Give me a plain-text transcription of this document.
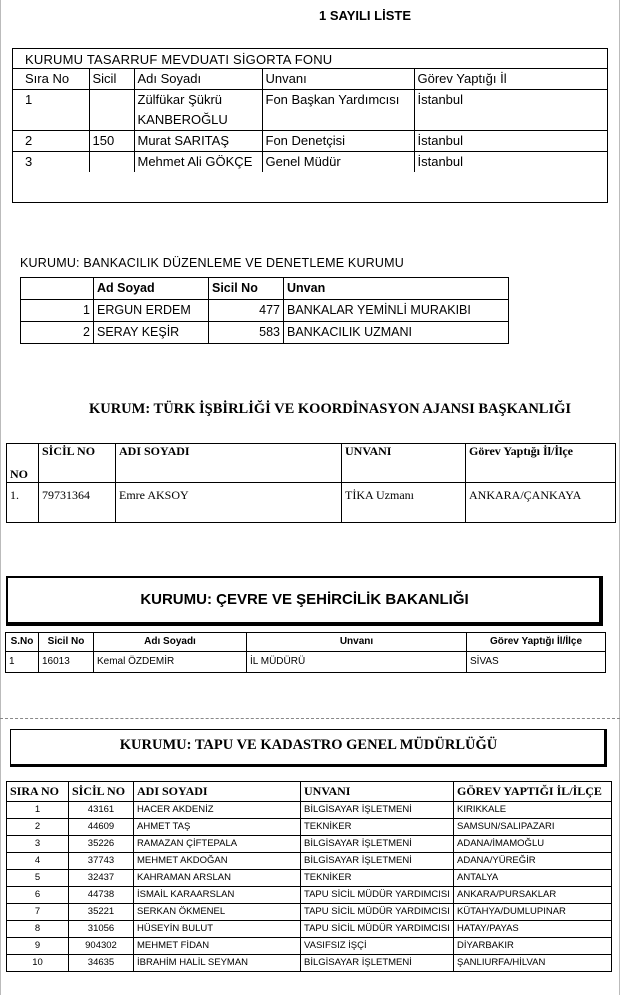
1 SAYILI LİSTE
KURUMU TASARRUF MEVDUATI SİGORTA FONU
Sıra No	Sicil	Adı Soyadı	Unvanı	Görev Yaptığı İl
1		Zülfükar Şükrü KANBEROĞLU	Fon Başkan Yardımcısı	İstanbul
2	150	Murat SARITAŞ	Fon Denetçisi	İstanbul
3		Mehmet Ali GÖKÇE	Genel Müdür	İstanbul
KURUMU: BANKACILIK DÜZENLEME VE DENETLEME KURUMU
	Ad Soyad	Sicil No	Unvan
1	ERGUN ERDEM	477	BANKALAR YEMİNLİ MURAKIBI
2	SERAY KEŞİR	583	BANKACILIK UZMANI
KURUM: TÜRK İŞBİRLİĞİ VE KOORDİNASYON AJANSI BAŞKANLIĞI
NO	SİCİL NO	ADI SOYADI	UNVANI	Görev Yaptığı İl/İlçe
1.	79731364	Emre AKSOY	TİKA Uzmanı	ANKARA/ÇANKAYA
KURUMU: ÇEVRE VE ŞEHİRCİLİK BAKANLIĞI
S.No	Sicil No	Adı Soyadı	Unvanı	Görev Yaptığı İl/İlçe
1	16013	Kemal ÖZDEMİR	İL MÜDÜRÜ	SİVAS
KURUMU: TAPU VE KADASTRO GENEL MÜDÜRLÜĞÜ
SIRA NO	SİCİL NO	ADI SOYADI	UNVANI	GÖREV YAPTIĞI İL/İLÇE
1	43161	HACER AKDENİZ	BİLGİSAYAR İŞLETMENİ	KIRIKKALE
2	44609	AHMET TAŞ	TEKNİKER	SAMSUN/SALIPAZARI
3	35226	RAMAZAN ÇİFTEPALA	BİLGİSAYAR İŞLETMENİ	ADANA/İMAMOĞLU
4	37743	MEHMET AKDOĞAN	BİLGİSAYAR İŞLETMENİ	ADANA/YÜREĞİR
5	32437	KAHRAMAN ARSLAN	TEKNİKER	ANTALYA
6	44738	İSMAİL KARAARSLAN	TAPU SİCİL MÜDÜR YARDIMCISI	ANKARA/PURSAKLAR
7	35221	SERKAN ÖKMENEL	TAPU SİCİL MÜDÜR YARDIMCISI	KÜTAHYA/DUMLUPINAR
8	31056	HÜSEYİN BULUT	TAPU SİCİL MÜDÜR YARDIMCISI	HATAY/PAYAS
9	904302	MEHMET FİDAN	VASIFSIZ İŞÇİ	DİYARBAKIR
10	34635	İBRAHİM HALİL SEYMAN	BİLGİSAYAR İŞLETMENİ	ŞANLIURFA/HİLVAN
